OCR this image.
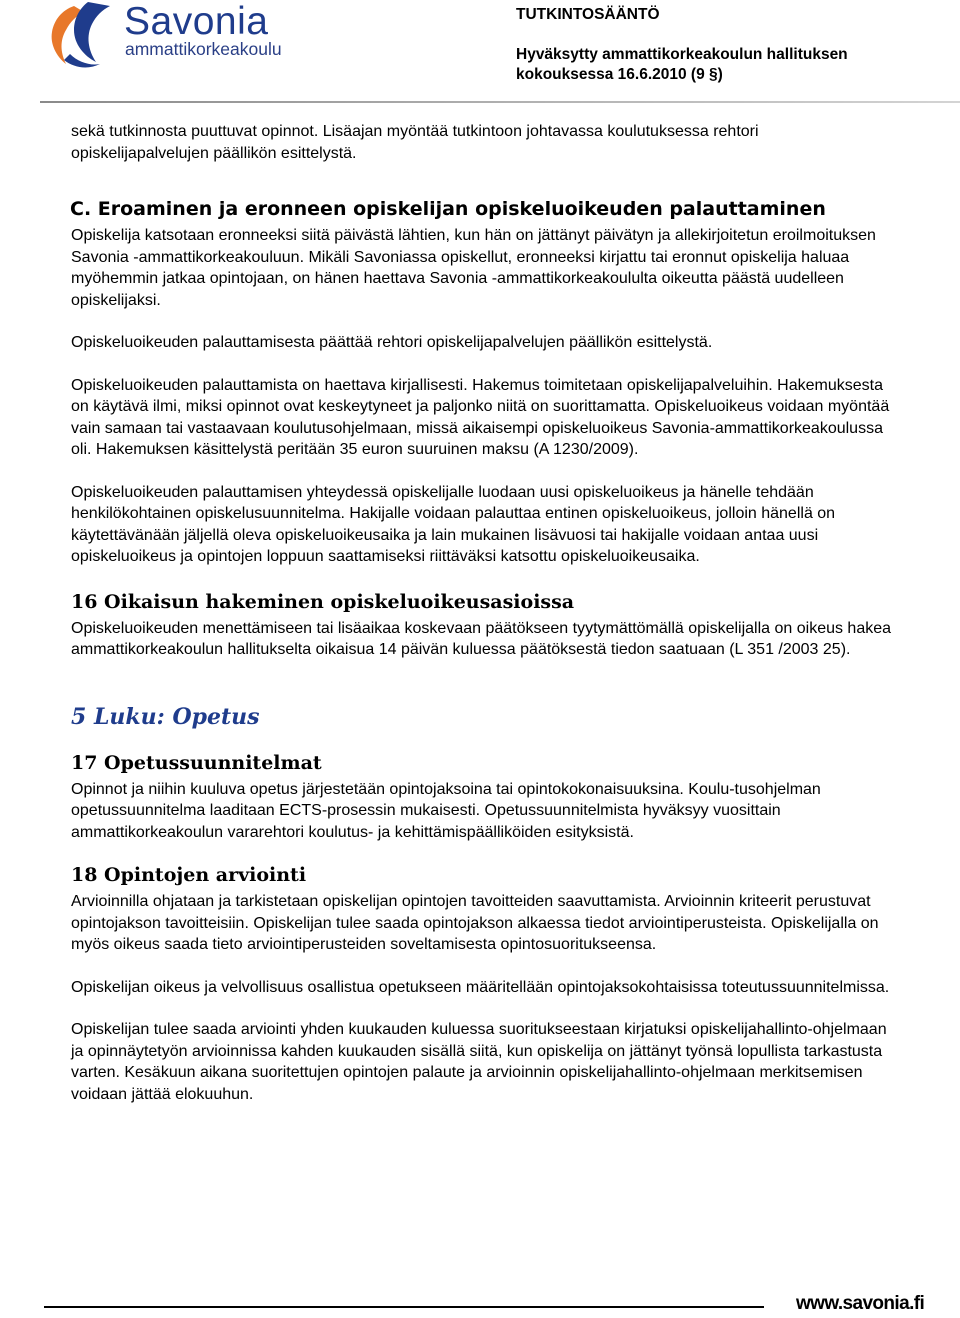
Savonia
ammattikorkeakoulu
TUTKINTOSÄÄNTÖ
Hyväksytty ammattikorkeakoulun hallituksen
kokouksessa 16.6.2010 (9 §)

sekä tutkinnosta puuttuvat opinnot. Lisäajan myöntää tutkintoon johtavassa koulutuksessa rehtori opiskelijapalvelujen päällikön esittelystä.

C. Eroaminen ja eronneen opiskelijan opiskeluoikeuden palauttaminen

Opiskelija katsotaan eronneeksi siitä päivästä lähtien, kun hän on jättänyt päivätyn ja allekirjoitetun eroilmoituksen Savonia -ammattikorkeakouluun. Mikäli Savoniassa opiskellut, eronneeksi kirjattu tai eronnut opiskelija haluaa myöhemmin jatkaa opintojaan, on hänen haettava Savonia -ammattikorkeakoululta oikeutta päästä uudelleen opiskelijaksi.

Opiskeluoikeuden palauttamisesta päättää rehtori opiskelijapalvelujen päällikön esittelystä.

Opiskeluoikeuden palauttamista on haettava kirjallisesti. Hakemus toimitetaan opiskelijapalveluihin. Hakemuksesta on käytävä ilmi, miksi opinnot ovat keskeytyneet ja paljonko niitä on suorittamatta. Opiskeluoikeus voidaan myöntää vain samaan tai vastaavaan koulutusohjelmaan, missä aikaisempi opiskeluoikeus Savonia-ammattikorkeakoulussa oli. Hakemuksen käsittelystä peritään 35 euron suuruinen maksu (A 1230/2009).

Opiskeluoikeuden palauttamisen yhteydessä opiskelijalle luodaan uusi opiskeluoikeus ja hänelle tehdään henkilökohtainen opiskelusuunnitelma. Hakijalle voidaan palauttaa entinen opiskeluoikeus, jolloin hänellä on käytettävänään jäljellä oleva opiskeluoikeusaika ja lain mukainen lisävuosi tai hakijalle voidaan antaa uusi opiskeluoikeus ja opintojen loppuun saattamiseksi riittäväksi katsottu opiskeluoikeusaika.

16 Oikaisun hakeminen opiskeluoikeusasioissa

Opiskeluoikeuden menettämiseen tai lisäaikaa koskevaan päätökseen tyytymättömällä opiskelijalla on oikeus hakea ammattikorkeakoulun hallitukselta oikaisua 14 päivän kuluessa päätöksestä tiedon saatuaan (L 351 /2003 25).

5 Luku: Opetus
17 Opetussuunnitelmat

Opinnot ja niihin kuuluva opetus järjestetään opintojaksoina tai opintokokonaisuuksina. Koulu-tusohjelman opetussuunnitelma laaditaan ECTS-prosessin mukaisesti. Opetussuunnitelmista hyväksyy vuosittain ammattikorkeakoulun vararehtori koulutus- ja kehittämispäälliköiden esityksistä.

18 Opintojen arviointi

Arvioinnilla ohjataan ja tarkistetaan opiskelijan opintojen tavoitteiden saavuttamista. Arvioinnin kriteerit perustuvat opintojakson tavoitteisiin. Opiskelijan tulee saada opintojakson alkaessa tiedot arviointiperusteista. Opiskelijalla on myös oikeus saada tieto arviointiperusteiden soveltamisesta opintosuoritukseensa.

Opiskelijan oikeus ja velvollisuus osallistua opetukseen määritellään opintojaksokohtaisissa toteutussuunnitelmissa.

Opiskelijan tulee saada arviointi yhden kuukauden kuluessa suoritukseestaan kirjatuksi opiskelijahallinto-ohjelmaan ja opinnäytetyön arvioinnissa kahden kuukauden sisällä siitä, kun opiskelija on jättänyt työnsä lopullista tarkastusta varten. Kesäkuun aikana suoritettujen opintojen palaute ja arvioinnin opiskelijahallinto-ohjelmaan merkitsemisen voidaan jättää elokuuhun.

www.savonia.fi
